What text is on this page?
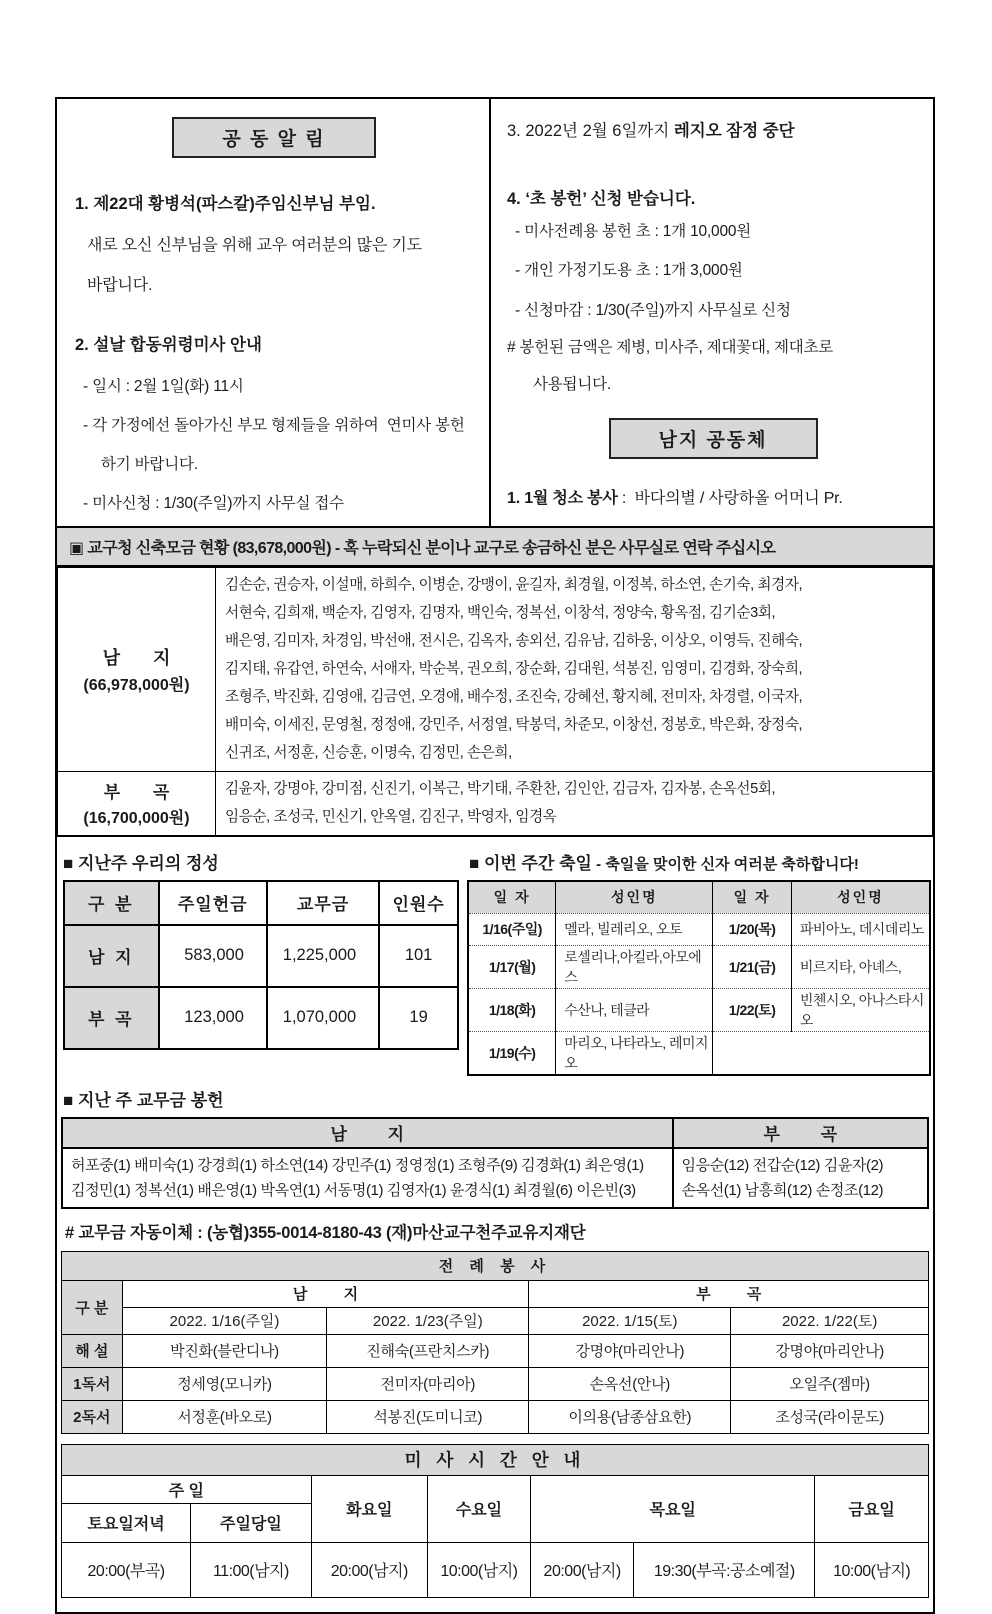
공 동 알 림
1. 제22대 황병석(파스칼)주임신부님 부임.
새로 오신 신부님을 위해 교우 여러분의 많은 기도
바랍니다.
2. 설날 합동위령미사 안내
- 일시 : 2월 1일(화) 11시
- 각 가정에선 돌아가신 부모 형제들을 위하여  연미사 봉헌
하기 바랍니다.
- 미사신청 : 1/30(주일)까지 사무실 접수
3. 2022년 2월 6일까지 레지오 잠정 중단
4. ‘초 봉헌’ 신청 받습니다.
- 미사전례용 봉헌 초 : 1개 10,000원
- 개인 가정기도용 초 : 1개 3,000원
- 신청마감 : 1/30(주일)까지 사무실로 신청
# 봉헌된 금액은 제병, 미사주, 제대꽃대, 제대초로
사용됩니다.
남지 공동체
1. 1월 청소 봉사 :  바다의별 / 사랑하올 어머니 Pr.
▣ 교구청 신축모금 현황 (83,678,000원) - 혹 누락되신 분이나 교구로 송금하신 분은 사무실로 연락 주십시오
남 지
(66,978,000원)

김손순, 권승자, 이설매, 하희수, 이병순, 강맹이, 윤길자, 최경월, 이정복, 하소연, 손기숙, 최경자,
서현숙, 김희재, 백순자, 김영자, 김명자, 백인숙, 정복선, 이창석, 정양숙, 황옥점, 김기순3회,
배은영, 김미자, 차경임, 박선애, 전시은, 김옥자, 송외선, 김유남, 김하웅, 이상오, 이영득, 진해숙,
김지태, 유갑연, 하연숙, 서애자, 박순복, 권오희, 장순화, 김대원, 석봉진, 임영미, 김경화, 장숙희,
조형주, 박진화, 김영애, 김금연, 오경애, 배수정, 조진숙, 강혜선, 황지혜, 전미자, 차경렬, 이국자,
배미숙, 이세진, 문영철, 정정애, 강민주, 서정열, 탁봉덕, 차준모, 이창선, 정봉호, 박은화, 장정숙,
신귀조, 서정훈, 신승훈, 이명숙, 김정민, 손은희,

부 곡
(16,700,000원)

김윤자, 강명야, 강미점, 신진기, 이복근, 박기태, 주환찬, 김인안, 김금자, 김자봉, 손옥선5회,
임응순, 조성국, 민신기, 안옥열, 김진구, 박영자, 임경옥
■ 지난주 우리의 정성
구 분	주일헌금	교무금	인원수
남 지	583,000	1,225,000	101
부 곡	123,000	1,070,000	19
■ 이번 주간 축일 - 축일을 맞이한 신자 여러분 축하합니다!
일 자	성인명	일 자	성인명
1/16(주일)	멜라, 빌레리오, 오토	1/20(목)	파비아노, 데시데리노
1/17(월)	로셀리나,아킬라,아모에스	1/21(금)	비르지타, 아녜스,
1/18(화)	수산나, 테클라	1/22(토)	빈첸시오, 아나스타시오
1/19(수)	마리오, 나타라노, 레미지오		
■ 지난 주 교무금 봉헌
남 지	부 곡

허포중(1) 배미숙(1) 강경희(1) 하소연(14) 강민주(1) 정영정(1) 조형주(9) 김경화(1) 최은영(1)
김정민(1) 정복선(1) 배은영(1) 박옥연(1) 서동명(1) 김영자(1) 윤경식(1) 최경월(6) 이은빈(3)

임응순(12) 전갑순(12) 김윤자(2)
손옥선(1) 남흥희(12) 손정조(12)
# 교무금 자동이체 : (농협)355-0014-8180-43 (재)마산교구천주교유지재단
전 례 봉 사				
구 분	남 지		부 곡	
	2022. 1/16(주일)	2022. 1/23(주일)	2022. 1/15(토)	2022. 1/22(토)
해 설	박진화(블란디나)	진해숙(프란치스카)	강명야(마리안나)	강명야(마리안나)
1독서	정세영(모니카)	전미자(마리아)	손옥선(안나)	오일주(젬마)
2독서	서정훈(바오로)	석봉진(도미니코)	이의용(남종삼요한)	조성국(라이문도)
미 사 시 간 안 내						
주 일		화요일	수요일	목요일		금요일
토요일저녁	주일당일					
20:00(부곡)	11:00(남지)	20:00(남지)	10:00(남지)	20:00(남지)	19:30(부곡:공소예절)	10:00(남지)
